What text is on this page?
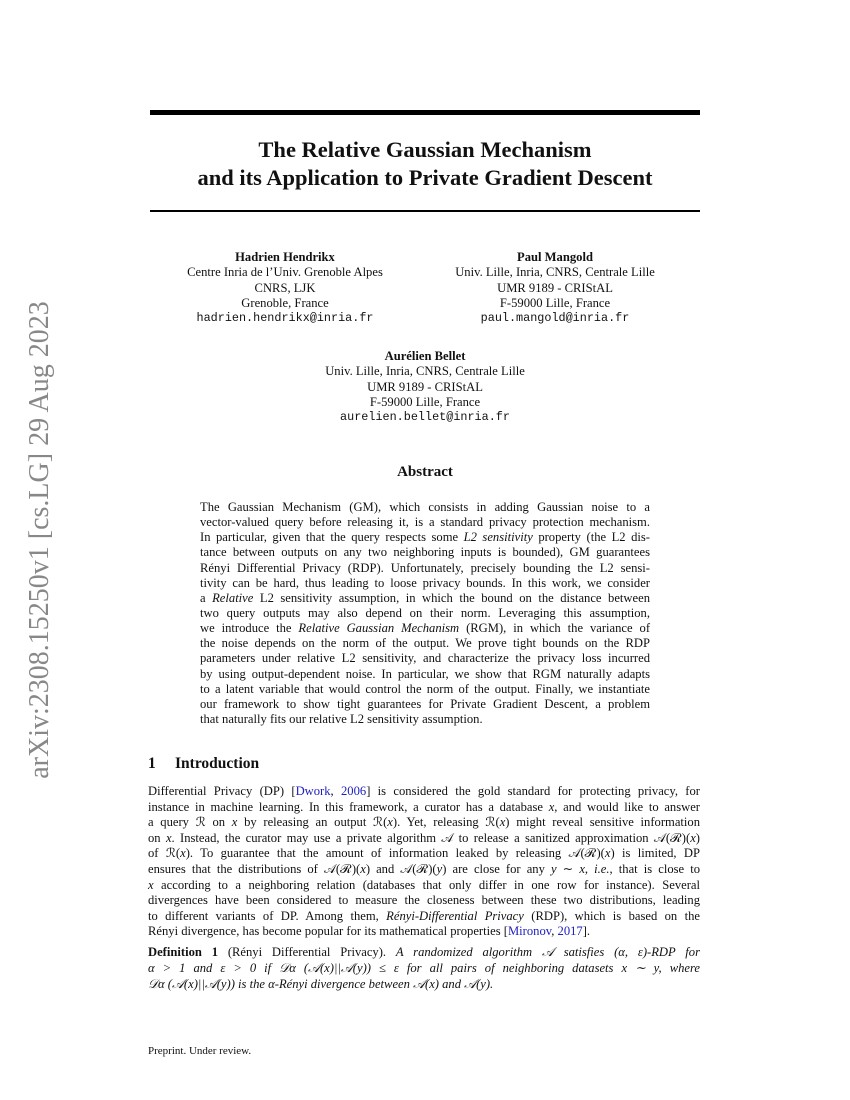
arXiv:2308.15250v1 [cs.LG] 29 Aug 2023
The Relative Gaussian Mechanism
and its Application to Private Gradient Descent
Hadrien Hendrikx
Centre Inria de l’Univ. Grenoble Alpes
CNRS, LJK
Grenoble, France
hadrien.hendrikx@inria.fr
Paul Mangold
Univ. Lille, Inria, CNRS, Centrale Lille
UMR 9189 - CRIStAL
F-59000 Lille, France
paul.mangold@inria.fr
Aurélien Bellet
Univ. Lille, Inria, CNRS, Centrale Lille
UMR 9189 - CRIStAL
F-59000 Lille, France
aurelien.bellet@inria.fr
Abstract
The Gaussian Mechanism (GM), which consists in adding Gaussian noise to a
vector-valued query before releasing it, is a standard privacy protection mechanism.
In particular, given that the query respects some L2 sensitivity property (the L2 dis-
tance between outputs on any two neighboring inputs is bounded), GM guarantees
Rényi Differential Privacy (RDP). Unfortunately, precisely bounding the L2 sensi-
tivity can be hard, thus leading to loose privacy bounds. In this work, we consider
a Relative L2 sensitivity assumption, in which the bound on the distance between
two query outputs may also depend on their norm. Leveraging this assumption,
we introduce the Relative Gaussian Mechanism (RGM), in which the variance of
the noise depends on the norm of the output. We prove tight bounds on the RDP
parameters under relative L2 sensitivity, and characterize the privacy loss incurred
by using output-dependent noise. In particular, we show that RGM naturally adapts
to a latent variable that would control the norm of the output. Finally, we instantiate
our framework to show tight guarantees for Private Gradient Descent, a problem
that naturally fits our relative L2 sensitivity assumption.
1 Introduction
Differential Privacy (DP) [Dwork, 2006] is considered the gold standard for protecting privacy, for
instance in machine learning. In this framework, a curator has a database x, and would like to answer
a query ℛ on x by releasing an output ℛ(x). Yet, releasing ℛ(x) might reveal sensitive information
on x. Instead, the curator may use a private algorithm 𝒜 to release a sanitized approximation 𝒜(ℛ)(x)
of ℛ(x). To guarantee that the amount of information leaked by releasing 𝒜(ℛ)(x) is limited, DP
ensures that the distributions of 𝒜(ℛ)(x) and 𝒜(ℛ)(y) are close for any y ∼ x, i.e., that is close to
x according to a neighboring relation (databases that only differ in one row for instance). Several
divergences have been considered to measure the closeness between these two distributions, leading
to different variants of DP. Among them, Rényi-Differential Privacy (RDP), which is based on the
Rényi divergence, has become popular for its mathematical properties [Mironov, 2017].
Definition 1 (Rényi Differential Privacy). A randomized algorithm 𝒜 satisfies (α, ε)-RDP for
α > 1 and ε > 0 if 𝒟α (𝒜(x)||𝒜(y)) ≤ ε for all pairs of neighboring datasets x ∼ y, where
𝒟α (𝒜(x)||𝒜(y)) is the α-Rényi divergence between 𝒜(x) and 𝒜(y).
Preprint. Under review.
